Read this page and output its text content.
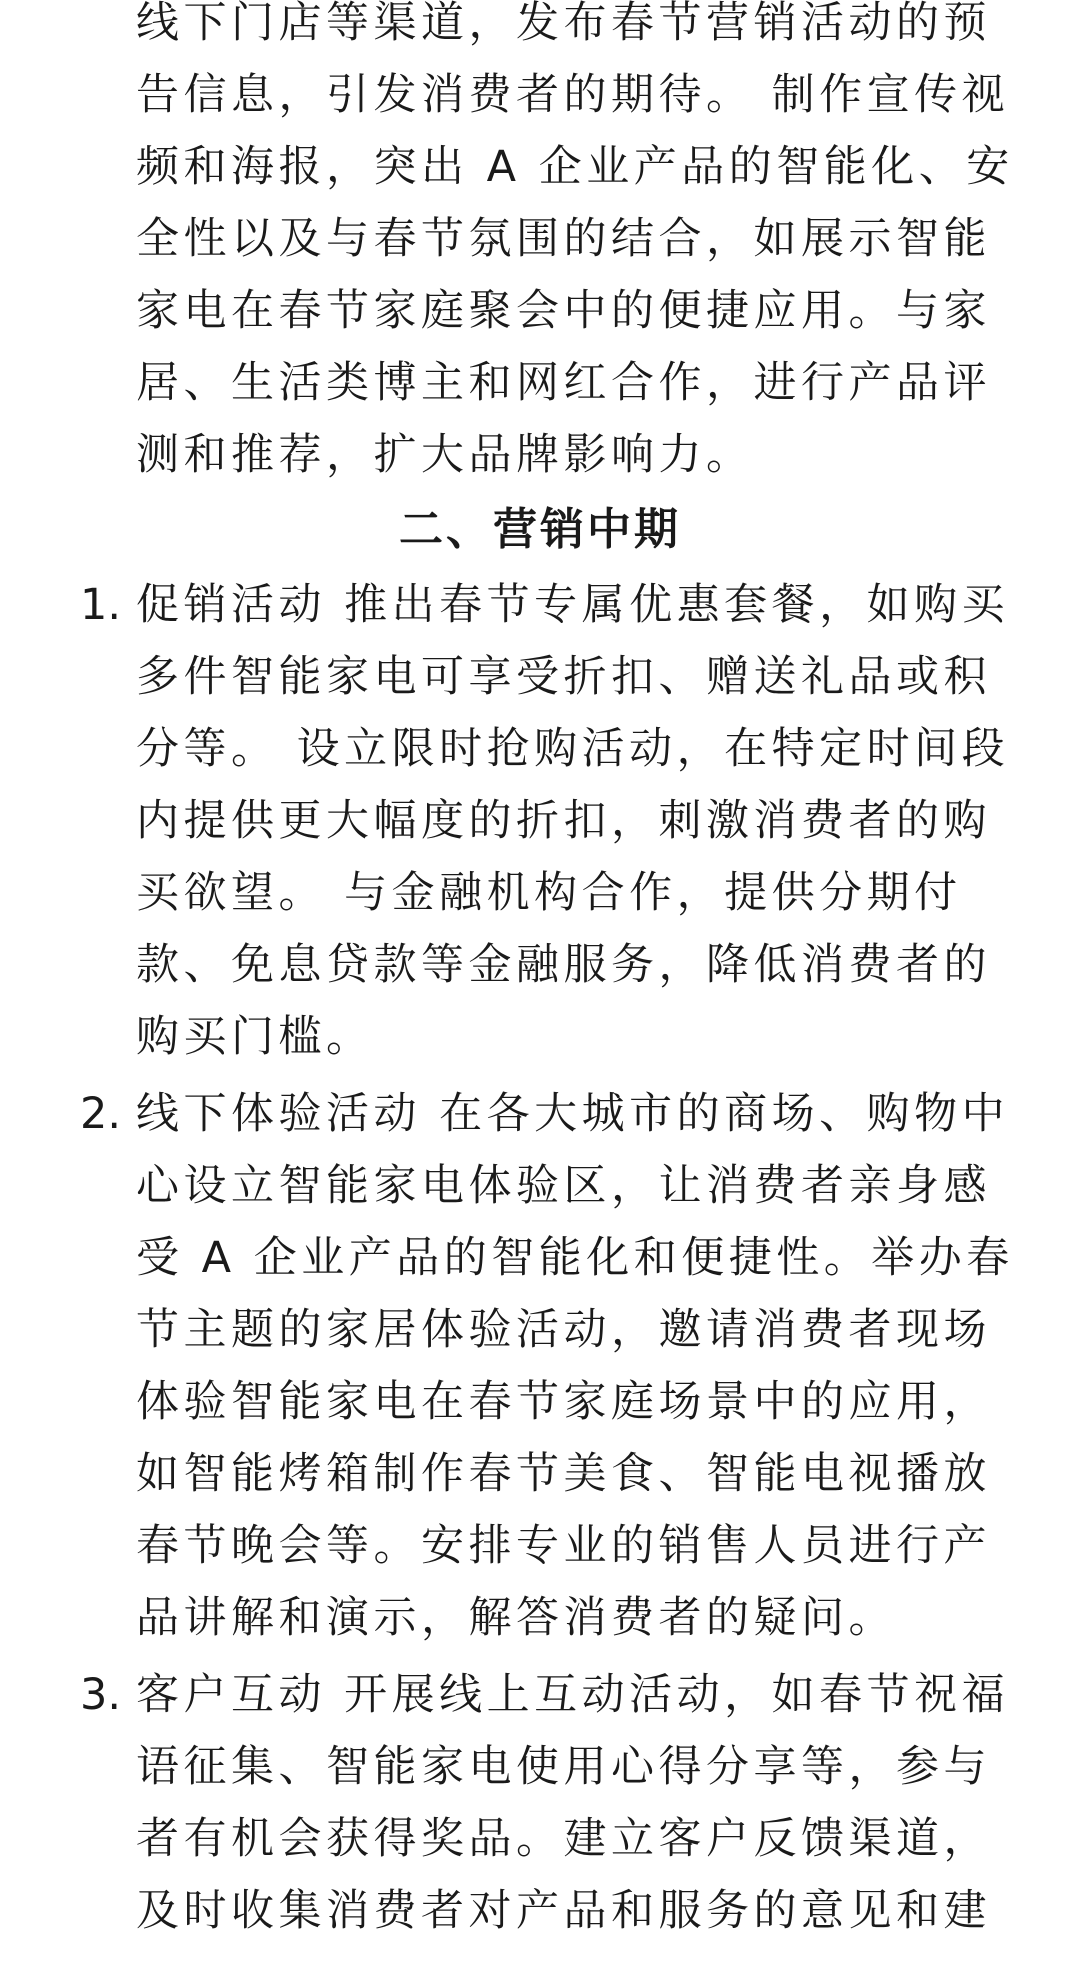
线下门店等渠道，发布春节营销活动的预
告信息，引发消费者的期待。 制作宣传视
频和海报，突出 A 企业产品的智能化、安
全性以及与春节氛围的结合，如展示智能
家电在春节家庭聚会中的便捷应用。与家
居、生活类博主和网红合作，进行产品评
测和推荐，扩大品牌影响力。
二、营销中期
1. 促销活动 推出春节专属优惠套餐，如购买
多件智能家电可享受折扣、赠送礼品或积
分等。 设立限时抢购活动，在特定时间段
内提供更大幅度的折扣，刺激消费者的购
买欲望。 与金融机构合作，提供分期付
款、免息贷款等金融服务，降低消费者的
购买门槛。
2. 线下体验活动 在各大城市的商场、购物中
心设立智能家电体验区，让消费者亲身感
受 A 企业产品的智能化和便捷性。举办春
节主题的家居体验活动，邀请消费者现场
体验智能家电在春节家庭场景中的应用，
如智能烤箱制作春节美食、智能电视播放
春节晚会等。安排专业的销售人员进行产
品讲解和演示，解答消费者的疑问。
3. 客户互动 开展线上互动活动，如春节祝福
语征集、智能家电使用心得分享等，参与
者有机会获得奖品。建立客户反馈渠道，
及时收集消费者对产品和服务的意见和建
